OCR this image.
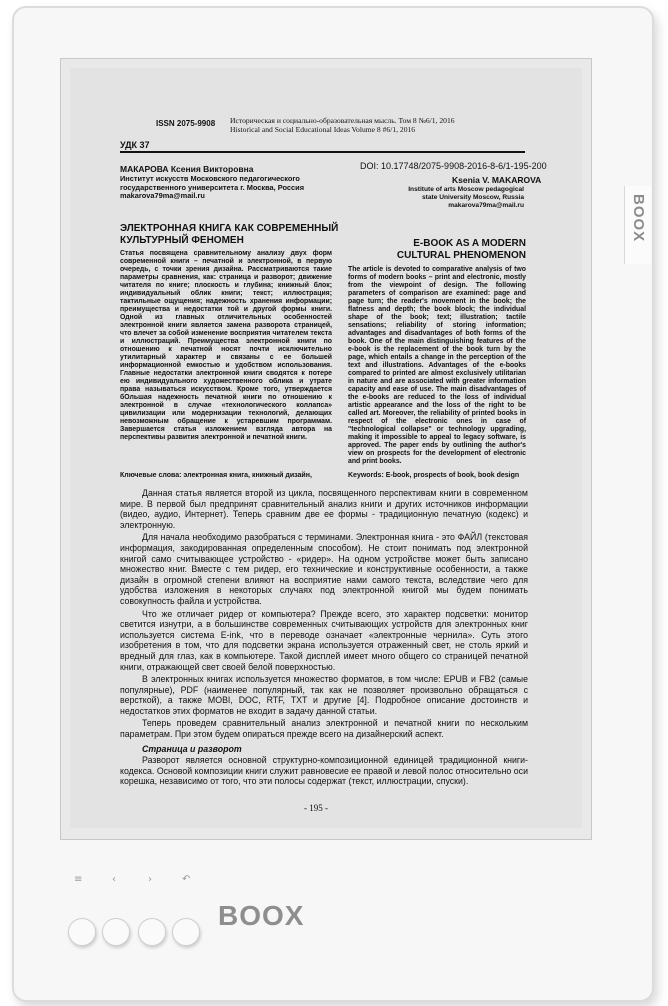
BOOX
ISSN 2075-9908 Историческая и социально-образовательная мысль. Том 8 №6/1, 2016
Historical and Social Educational Ideas Volume 8 #6/1, 2016
УДК 37
DOI: 10.17748/2075-9908-2016-8-6/1-195-200
МАКАРОВА Ксения Викторовна
Институт искусств Московского педагогического государственного университета г. Москва, Россия makarova79ma@mail.ru
Ksenia V. MAKAROVA
Institute of arts Moscow pedagogical state University Moscow, Russia makarova79ma@mail.ru
ЭЛЕКТРОННАЯ КНИГА КАК СОВРЕМЕННЫЙ КУЛЬТУРНЫЙ ФЕНОМЕН	E-BOOK AS A MODERN CULTURAL PHENOMENON
Статья посвящена сравнительному анализу двух форм современной книги – печатной и электронной, в первую очередь, с точки зрения дизайна. Рассматриваются такие параметры сравнения, как: страница и разворот; движение читателя по книге; плоскость и глубина; книжный блок; индивидуальный облик книги; текст; иллюстрация; тактильные ощущения; надежность хранения информации; преимущества и недостатки той и другой формы книги. Одной из главных отличительных особенностей электронной книги является замена разворота страницей, что влечет за собой изменение восприятия читателем текста и иллюстраций. Преимущества электронной книги по отношению к печатной носят почти исключительно утилитарный характер и связаны с ее большей информационной емкостью и удобством использования. Главные недостатки электронной книги сводятся к потере ею индивидуального художественного облика и утрате права называться искусством. Кроме того, утверждается бОльшая надежность печатной книги по отношению к электронной в случае «технологического коллапса» цивилизации или модернизации технологий, делающих невозможным обращение к устаревшим программам. Завершается статья изложением взгляда автора на перспективы развития электронной и печатной книги.
The article is devoted to comparative analysis of two forms of modern books – print and electronic, mostly from the viewpoint of design. The following parameters of comparison are examined: page and page turn; the reader's movement in the book; the flatness and depth; the book block; the individual shape of the book; text; illustration; tactile sensations; reliability of storing information; advantages and disadvantages of both forms of the book. One of the main distinguishing features of the e-book is the replacement of the book turn by the page, which entails a change in the perception of the text and illustrations. Advantages of the e-books compared to printed are almost exclusively utilitarian in nature and are associated with greater information capacity and ease of use. The main disadvantages of the e-books are reduced to the loss of individual artistic appearance and the loss of the right to be called art. Moreover, the reliability of printed books in respect of the electronic ones in case of "technological collapse" or technology upgrading, making it impossible to appeal to legacy software, is approved. The paper ends by outlining the author's view on prospects for the development of electronic and print books.
Ключевые слова: электронная книга, книжный дизайн,	Keywords: E-book, prospects of book, book design

Данная статья является второй из цикла, посвященного перспективам книги в современном мире. В первой был предпринят сравнительный анализ книги и других источников информации (видео, аудио, Интернет). Теперь сравним две ее формы - традиционную печатную (кодекс) и электронную.

Для начала необходимо разобраться с терминами. Электронная книга - это ФАЙЛ (текстовая информация, закодированная определенным способом). Не стоит понимать под электронной книгой само считывающее устройство - «ридер». На одном устройстве может быть записано множество книг. Вместе с тем ридер, его технические и конструктивные особенности, а также дизайн в огромной степени влияют на восприятие нами самого текста, вследствие чего для удобства изложения в некоторых случаях под электронной книгой мы будем понимать совокупность файла и устройства.

Что же отличает ридер от компьютера? Прежде всего, это характер подсветки: монитор светится изнутри, а в большинстве современных считывающих устройств для электронных книг используется система E-ink, что в переводе означает «электронные чернила». Суть этого изобретения в том, что для подсветки экрана используется отраженный свет, не столь яркий и вредный для глаз, как в компьютере. Такой дисплей имеет много общего со страницей печатной книги, отражающей свет своей белой поверхностью.

В электронных книгах используется множество форматов, в том числе: EPUB и FB2 (самые популярные), PDF (наименее популярный, так как не позволяет произвольно обращаться с версткой), а также MOBI, DOC, RTF, TXT и другие [4]. Подробное описание достоинств и недостатков этих форматов не входит в задачу данной статьи.

Теперь проведем сравнительный анализ электронной и печатной книги по нескольким параметрам. При этом будем опираться прежде всего на дизайнерский аспект.

Страница и разворот

Разворот является основной структурно-композиционной единицей традиционной книги-кодекса. Основой композиции книги служит равновесие ее правой и левой полос относительно оси корешка, независимо от того, что эти полосы содержат (текст, иллюстрации, спуски).

- 195 -
≡	‹	›	↶
BOOX
